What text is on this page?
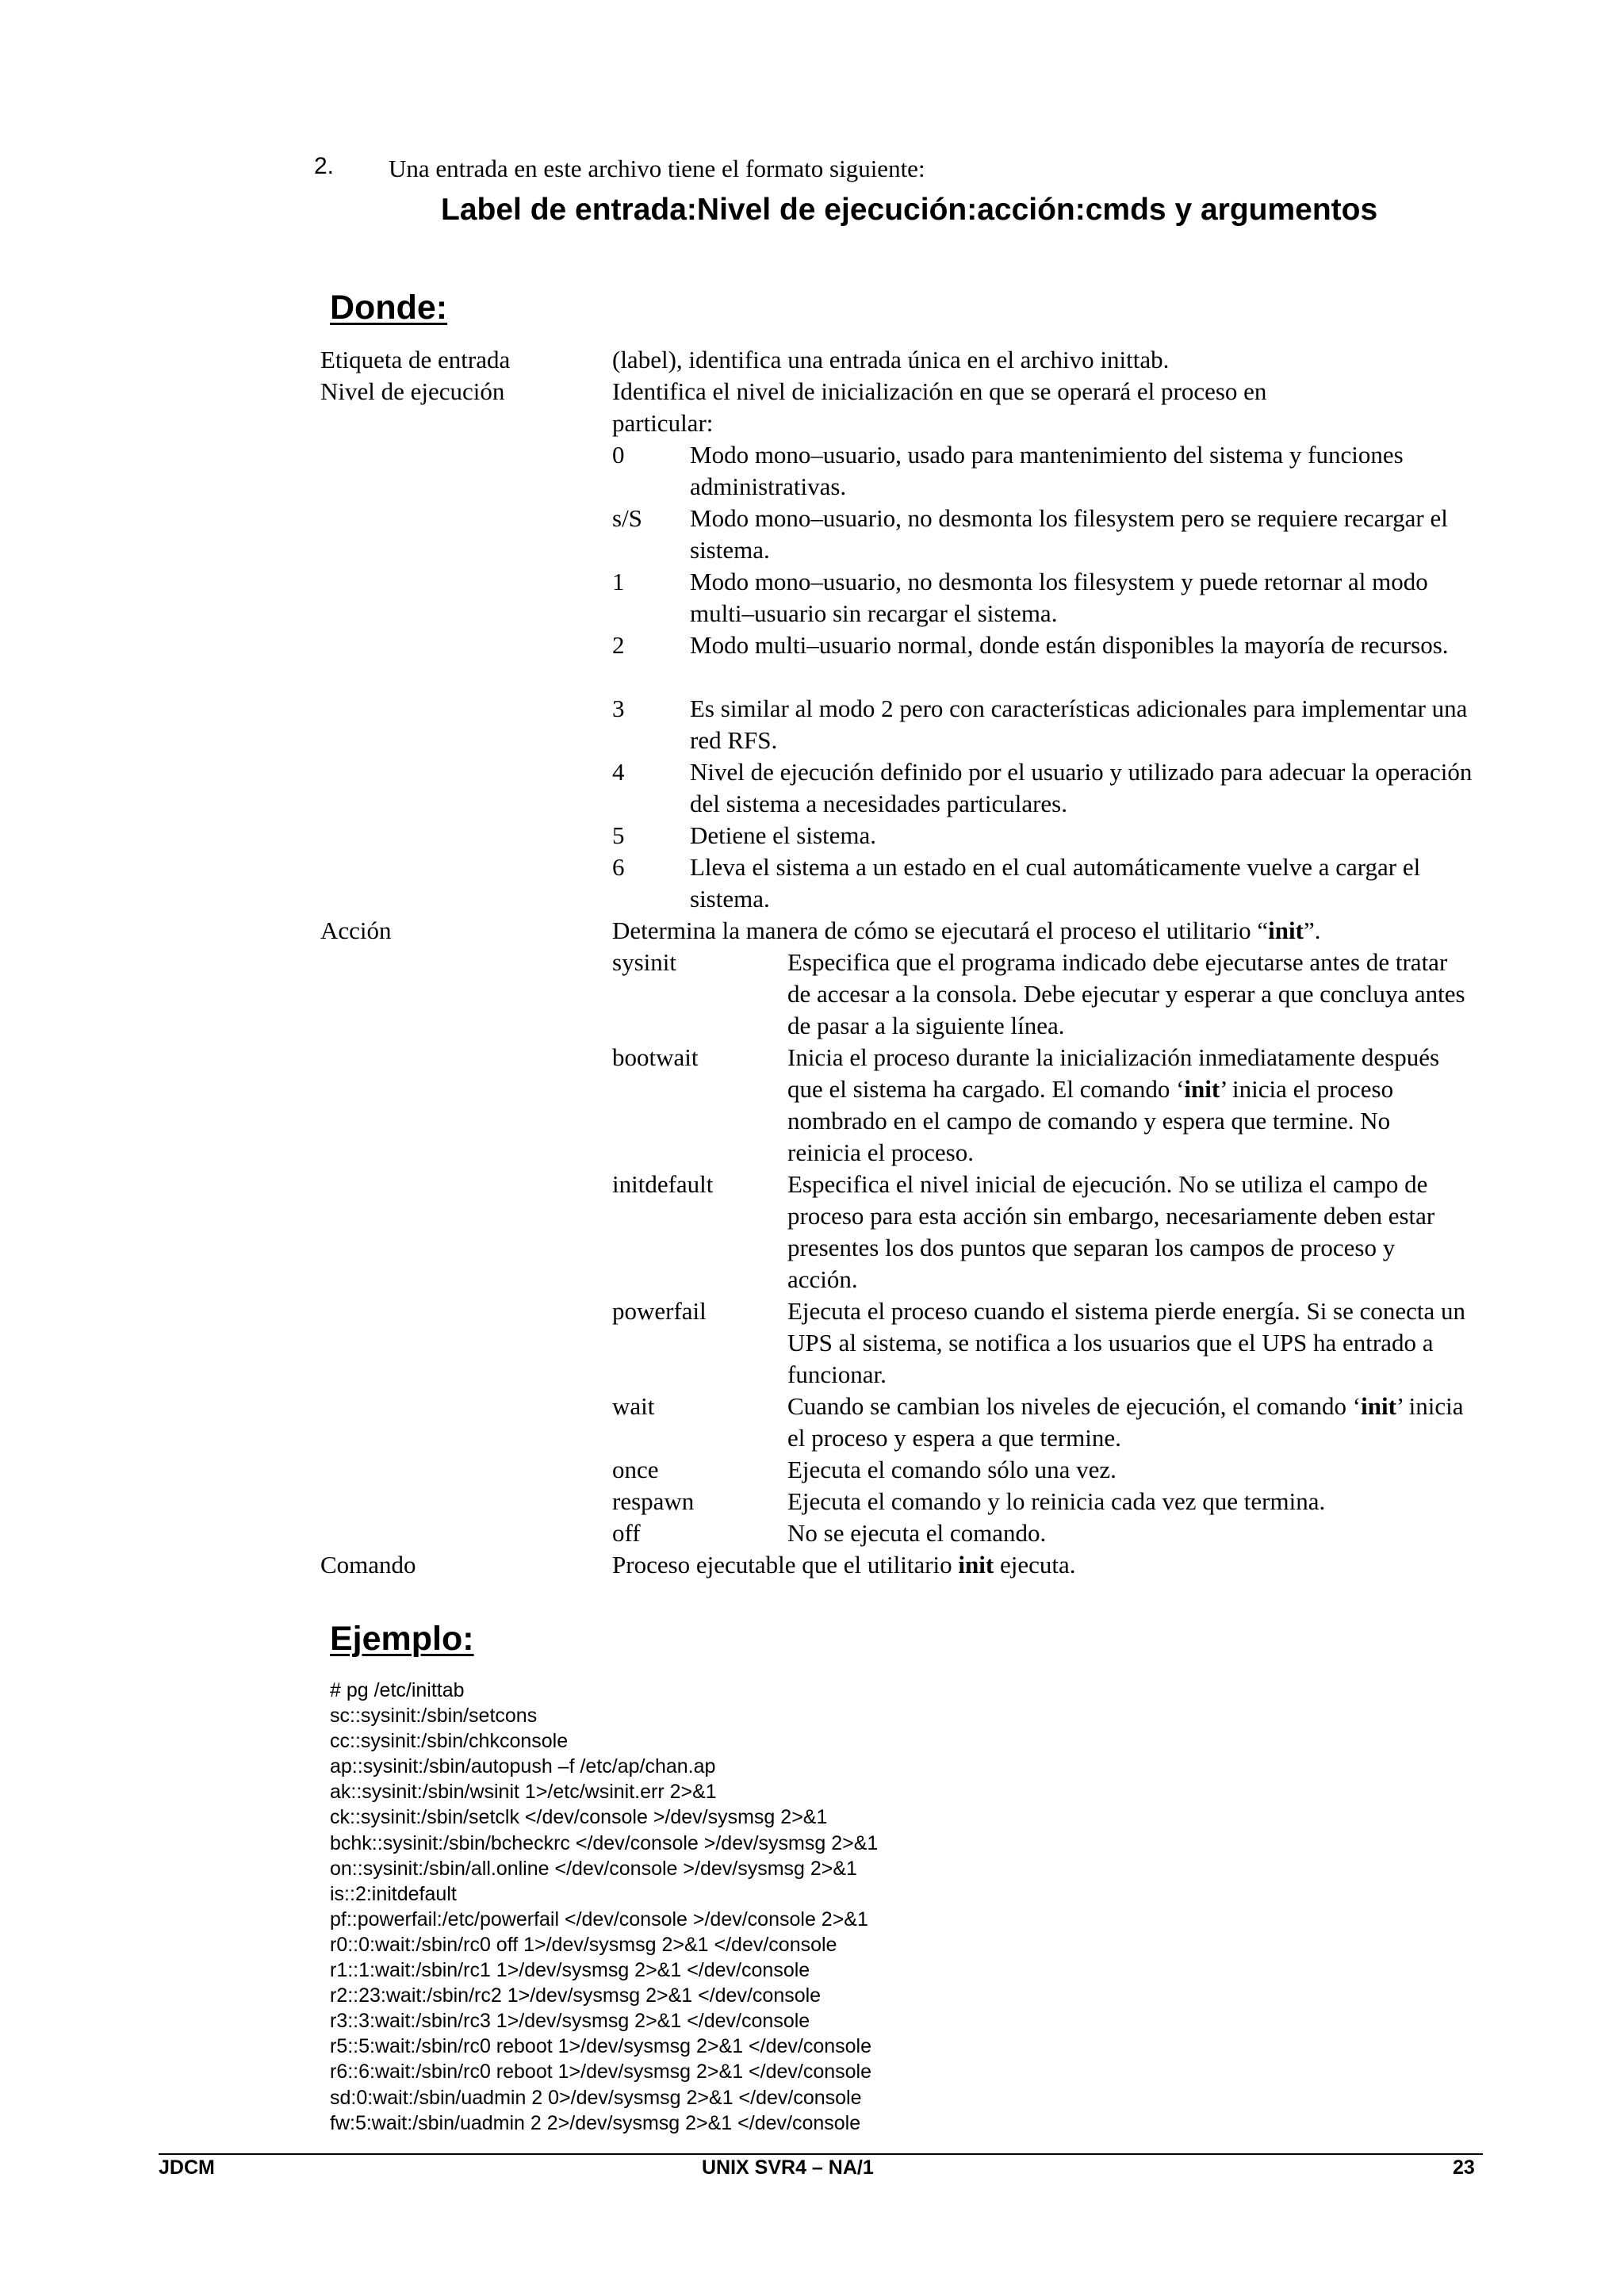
2. Una entrada en este archivo tiene el formato siguiente:
Label de entrada:Nivel de ejecución:acción:cmds y argumentos
Donde:
Etiqueta de entrada	(label), identifica una entrada única en el archivo inittab.
Nivel de ejecución	Identifica el nivel de inicialización en que se operará el proceso en particular:
0	Modo mono–usuario, usado para mantenimiento del sistema y funciones administrativas.
s/S Modo mono–usuario, no desmonta los filesystem pero se requiere recargar el sistema.
1	Modo mono–usuario, no desmonta los filesystem y puede retornar al modo multi–usuario sin recargar el sistema.
2	Modo multi–usuario normal, donde están disponibles la mayoría de recursos.
3	Es similar al modo 2 pero con características adicionales para implementar una red RFS.
4	Nivel de ejecución definido por el usuario y utilizado para adecuar la operación del sistema a necesidades particulares.
5	Detiene el sistema.
6	Lleva el sistema a un estado en el cual automáticamente vuelve a cargar el sistema.
Acción	Determina la manera de cómo se ejecutará el proceso el utilitario “init”.
sysinit	Especifica que el programa indicado debe ejecutarse antes de tratar de accesar a la consola. Debe ejecutar y esperar a que concluya antes de pasar a la siguiente línea.
bootwait	Inicia el proceso durante la inicialización inmediatamente después que el sistema ha cargado. El comando ‘init’ inicia el proceso nombrado en el campo de comando y espera que termine. No reinicia el proceso.
initdefault	Especifica el nivel inicial de ejecución. No se utiliza el campo de proceso para esta acción sin embargo, necesariamente deben estar presentes los dos puntos que separan los campos de proceso y acción.
powerfail	Ejecuta el proceso cuando el sistema pierde energía. Si se conecta un UPS al sistema, se notifica a los usuarios que el UPS ha entrado a funcionar.
wait	Cuando se cambian los niveles de ejecución, el comando ‘init’ inicia el proceso y espera a que termine.
once	Ejecuta el comando sólo una vez.
respawn	Ejecuta el comando y lo reinicia cada vez que termina.
off	No se ejecuta el comando.
Comando	Proceso ejecutable que el utilitario init ejecuta.
Ejemplo:
# pg /etc/inittab
sc::sysinit:/sbin/setcons
cc::sysinit:/sbin/chkconsole
ap::sysinit:/sbin/autopush –f /etc/ap/chan.ap
ak::sysinit:/sbin/wsinit 1>/etc/wsinit.err 2>&1
ck::sysinit:/sbin/setclk </dev/console >/dev/sysmsg 2>&1
bchk::sysinit:/sbin/bcheckrc </dev/console >/dev/sysmsg 2>&1
on::sysinit:/sbin/all.online </dev/console >/dev/sysmsg 2>&1
is::2:initdefault
pf::powerfail:/etc/powerfail </dev/console >/dev/console 2>&1
r0::0:wait:/sbin/rc0 off 1>/dev/sysmsg 2>&1 </dev/console
r1::1:wait:/sbin/rc1 1>/dev/sysmsg 2>&1 </dev/console
r2::23:wait:/sbin/rc2 1>/dev/sysmsg 2>&1 </dev/console
r3::3:wait:/sbin/rc3 1>/dev/sysmsg 2>&1 </dev/console
r5::5:wait:/sbin/rc0 reboot 1>/dev/sysmsg 2>&1 </dev/console
r6::6:wait:/sbin/rc0 reboot 1>/dev/sysmsg 2>&1 </dev/console
sd:0:wait:/sbin/uadmin 2 0>/dev/sysmsg 2>&1 </dev/console
fw:5:wait:/sbin/uadmin 2 2>/dev/sysmsg 2>&1 </dev/console
JDCM	UNIX SVR4 – NA/1	23
